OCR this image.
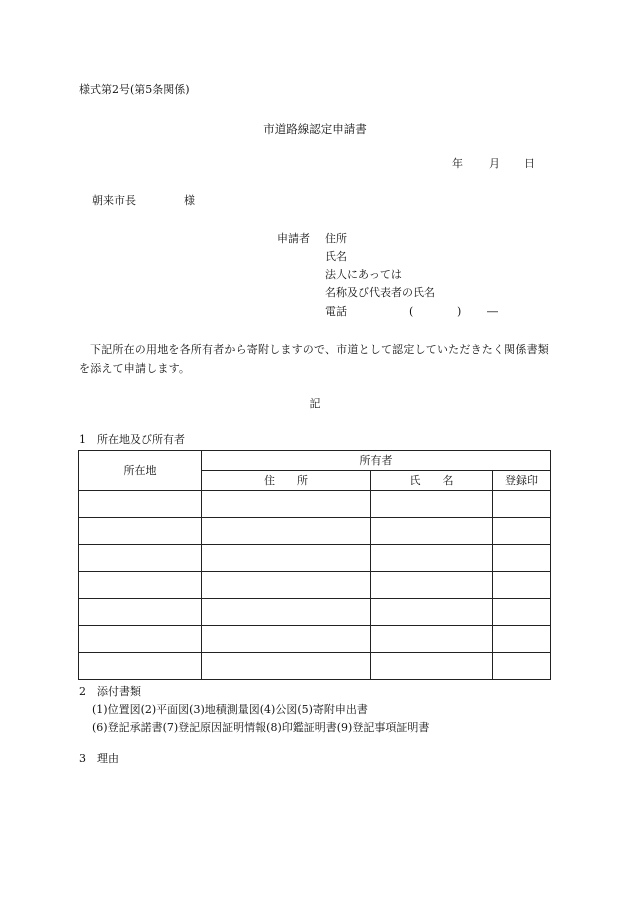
様式第2号(第5条関係)
市道路線認定申請書
年 月 日
朝来市長	様
申請者 住所
氏名
法人にあっては
名称及び代表者の氏名
電話	(	) ―
下記所在の用地を各所有者から寄附しますので、市道として認定していただきたく関係書類を添えて申請します。
記
1　所在地及び所有者
所在地	所有者		
	住　　所	氏　　名	登録印

2　添付書類
(1)位置図(2)平面図(3)地積測量図(4)公図(5)寄附申出書
(6)登記承諾書(7)登記原因証明情報(8)印鑑証明書(9)登記事項証明書
3　理由
